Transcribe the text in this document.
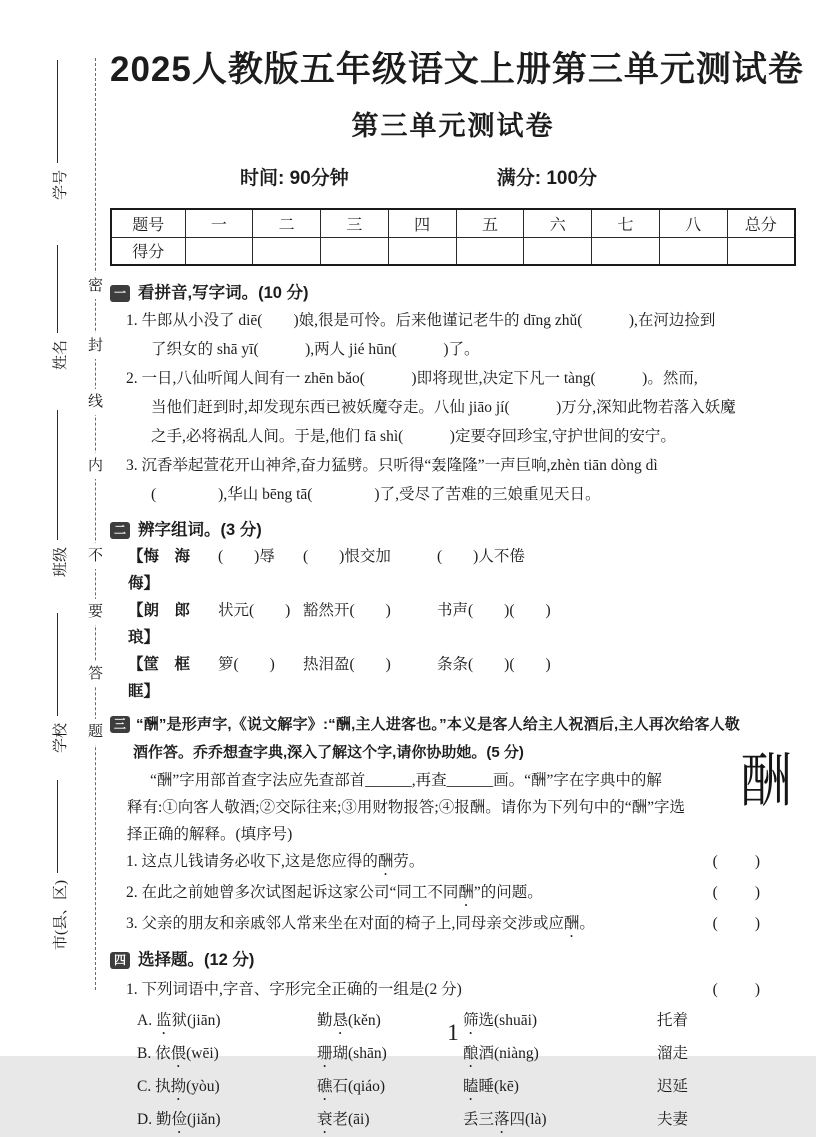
学号
姓名
班级
学校
市(县、区)
密
封
线
内
不
要
答
题
2025人教版五年级语文上册第三单元测试卷
第三单元测试卷
时间: 90分钟	满分: 100分
题号	一	二	三	四	五	六	七	八	总分
得分									
一 看拼音,写字词。(10 分)
1. 牛郎从小没了 diē(　　)娘,很是可怜。后来他谨记老牛的 dīng zhǔ(　　　),在河边捡到
了织女的 shā yī(　　　),两人 jié hūn(　　　)了。
2. 一日,八仙听闻人间有一 zhēn bǎo(　　　)即将现世,决定下凡一 tàng(　　　)。然而,
当他们赶到时,却发现东西已被妖魔夺走。八仙 jiāo jí(　　　)万分,深知此物若落入妖魔
之手,必将祸乱人间。于是,他们 fā shì(　　　)定要夺回珍宝,守护世间的安宁。
3. 沉香举起萱花开山神斧,奋力猛劈。只听得“轰隆隆”一声巨响,zhèn tiān dòng dì
(　　　　),华山 bēng tā(　　　　)了,受尽了苦难的三娘重见天日。
二 辨字组词。(3 分)
【悔　海　侮】
(　　)辱	(　　)恨交加	(　　)人不倦
【朗　郎　琅】
状元(　　) 豁然开(　　)	书声(　　)(　　)
【筐　框　眶】
箩(　　)	热泪盈(　　)	条条(　　)(　　)
三 “酬”是形声字,《说文解字》:“酬,主人进客也。”本义是客人给主人祝酒后,主人再次给客人敬
酒作答。乔乔想查字典,深入了解这个字,请你协助她。(5 分)
“酬”字用部首查字法应先查部首______,再查______画。“酬”字在字典中的解
释有:①向客人敬酒;②交际往来;③用财物报答;④报酬。请你为下列句中的“酬”字选
择正确的解释。(填序号)
酬
1. 这点儿钱请务必收下,这是您应得的酬劳。	(　　)
2. 在此之前她曾多次试图起诉这家公司“同工不同酬”的问题。	(　　)
3. 父亲的朋友和亲戚邻人常来坐在对面的椅子上,同母亲交涉或应酬。	(　　)
四 选择题。(12 分)
1. 下列词语中,字音、字形完全正确的一组是(2 分)	(　　)
A. 监狱(jiān)	勤恳(kěn)	筛选(shuāi)	托着
B. 依偎(wēi)	珊瑚(shān)	酿酒(niàng)	溜走
C. 执拗(yòu)	礁石(qiáo)	瞌睡(kē)	迟延
D. 勤俭(jiǎn)	衰老(āi)	丢三落四(là)	夫妻
1
